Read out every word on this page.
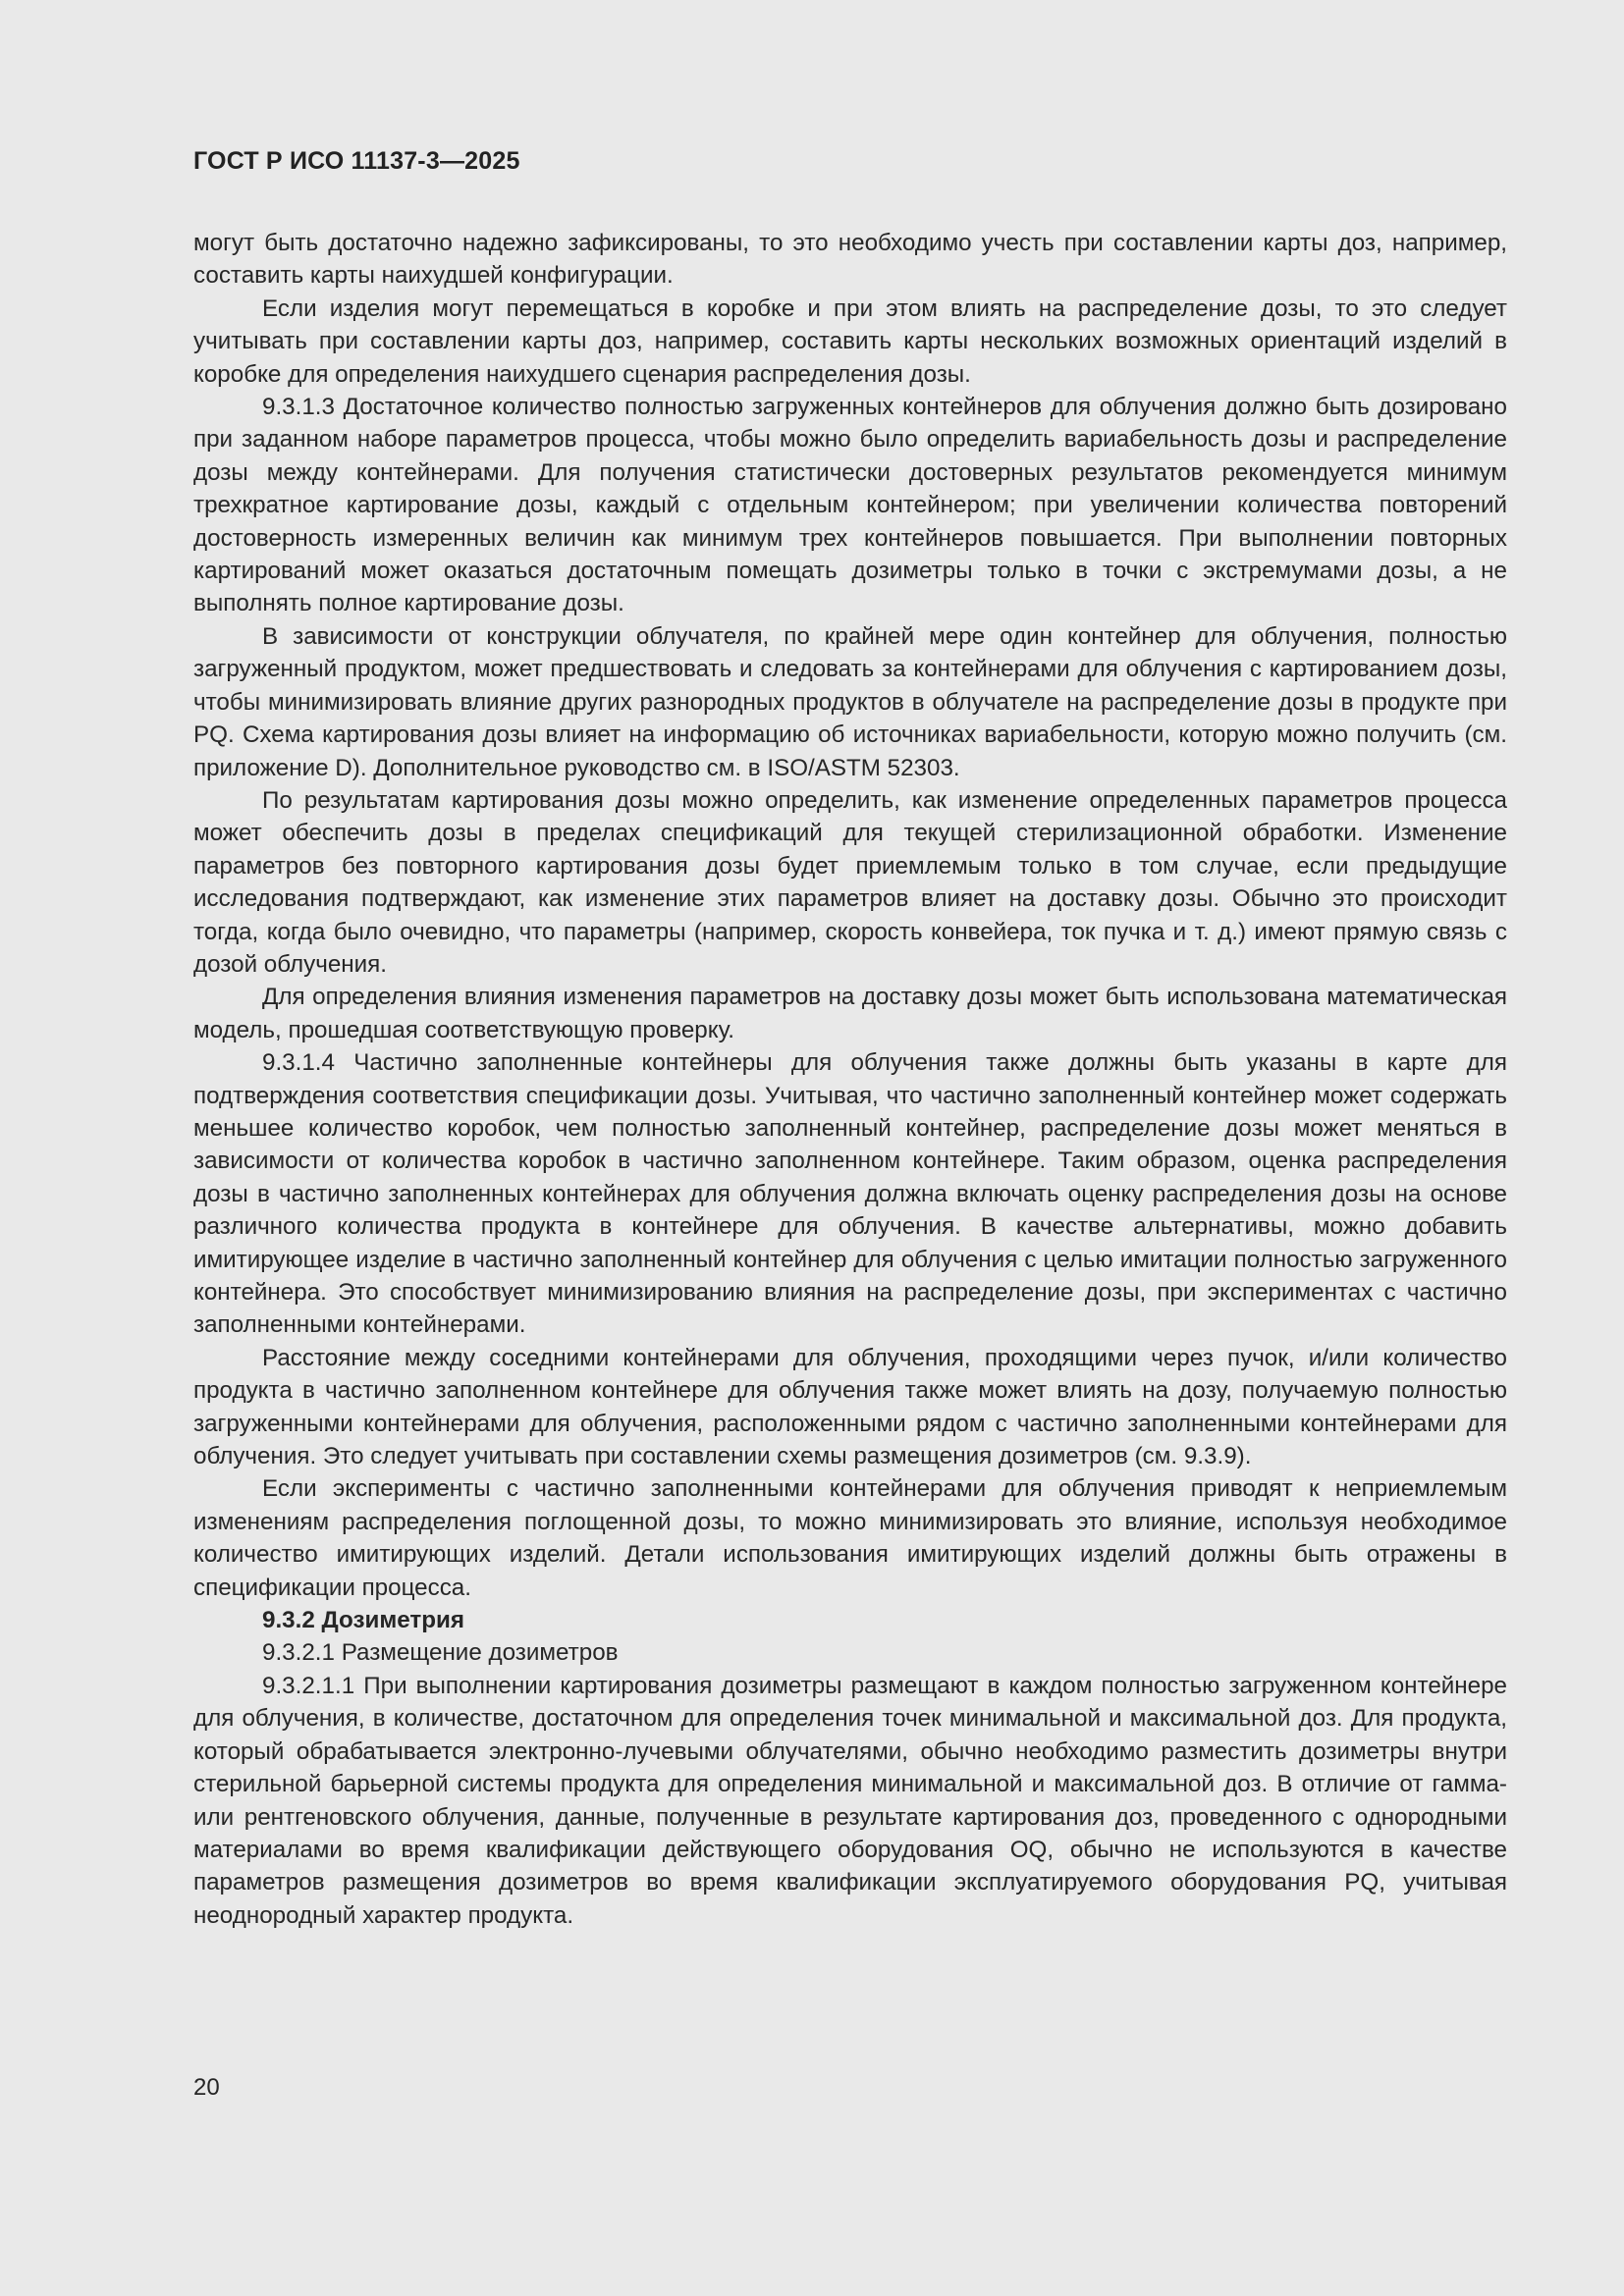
ГОСТ Р ИСО 11137-3—2025

могут быть достаточно надежно зафиксированы, то это необходимо учесть при составлении карты доз, например, составить карты наихудшей конфигурации.

Если изделия могут перемещаться в коробке и при этом влиять на распределение дозы, то это следует учитывать при составлении карты доз, например, составить карты нескольких возможных ориентаций изделий в коробке для определения наихудшего сценария распределения дозы.

9.3.1.3 Достаточное количество полностью загруженных контейнеров для облучения должно быть дозировано при заданном наборе параметров процесса, чтобы можно было определить вариабельность дозы и распределение дозы между контейнерами. Для получения статистически достоверных результатов рекомендуется минимум трехкратное картирование дозы, каждый с отдельным контейнером; при увеличении количества повторений достоверность измеренных величин как минимум трех контейнеров повышается. При выполнении повторных картирований может оказаться достаточным помещать дозиметры только в точки с экстремумами дозы, а не выполнять полное картирование дозы.

В зависимости от конструкции облучателя, по крайней мере один контейнер для облучения, полностью загруженный продуктом, может предшествовать и следовать за контейнерами для облучения с картированием дозы, чтобы минимизировать влияние других разнородных продуктов в облучателе на распределение дозы в продукте при PQ. Схема картирования дозы влияет на информацию об источниках вариабельности, которую можно получить (см. приложение D). Дополнительное руководство см. в ISO/ASTM 52303.

По результатам картирования дозы можно определить, как изменение определенных параметров процесса может обеспечить дозы в пределах спецификаций для текущей стерилизационной обработки. Изменение параметров без повторного картирования дозы будет приемлемым только в том случае, если предыдущие исследования подтверждают, как изменение этих параметров влияет на доставку дозы. Обычно это происходит тогда, когда было очевидно, что параметры (например, скорость конвейера, ток пучка и т. д.) имеют прямую связь с дозой облучения.

Для определения влияния изменения параметров на доставку дозы может быть использована математическая модель, прошедшая соответствующую проверку.

9.3.1.4 Частично заполненные контейнеры для облучения также должны быть указаны в карте для подтверждения соответствия спецификации дозы. Учитывая, что частично заполненный контейнер может содержать меньшее количество коробок, чем полностью заполненный контейнер, распределение дозы может меняться в зависимости от количества коробок в частично заполненном контейнере. Таким образом, оценка распределения дозы в частично заполненных контейнерах для облучения должна включать оценку распределения дозы на основе различного количества продукта в контейнере для облучения. В качестве альтернативы, можно добавить имитирующее изделие в частично заполненный контейнер для облучения с целью имитации полностью загруженного контейнера. Это способствует минимизированию влияния на распределение дозы, при экспериментах с частично заполненными контейнерами.

Расстояние между соседними контейнерами для облучения, проходящими через пучок, и/или количество продукта в частично заполненном контейнере для облучения также может влиять на дозу, получаемую полностью загруженными контейнерами для облучения, расположенными рядом с частично заполненными контейнерами для облучения. Это следует учитывать при составлении схемы размещения дозиметров (см. 9.3.9).

Если эксперименты с частично заполненными контейнерами для облучения приводят к неприемлемым изменениям распределения поглощенной дозы, то можно минимизировать это влияние, используя необходимое количество имитирующих изделий. Детали использования имитирующих изделий должны быть отражены в спецификации процесса.

9.3.2 Дозиметрия

9.3.2.1 Размещение дозиметров

9.3.2.1.1 При выполнении картирования дозиметры размещают в каждом полностью загруженном контейнере для облучения, в количестве, достаточном для определения точек минимальной и максимальной доз. Для продукта, который обрабатывается электронно-лучевыми облучателями, обычно необходимо разместить дозиметры внутри стерильной барьерной системы продукта для определения минимальной и максимальной доз. В отличие от гамма- или рентгеновского облучения, данные, полученные в результате картирования доз, проведенного с однородными материалами во время квалификации действующего оборудования OQ, обычно не используются в качестве параметров размещения дозиметров во время квалификации эксплуатируемого оборудования PQ, учитывая неоднородный характер продукта.

20
